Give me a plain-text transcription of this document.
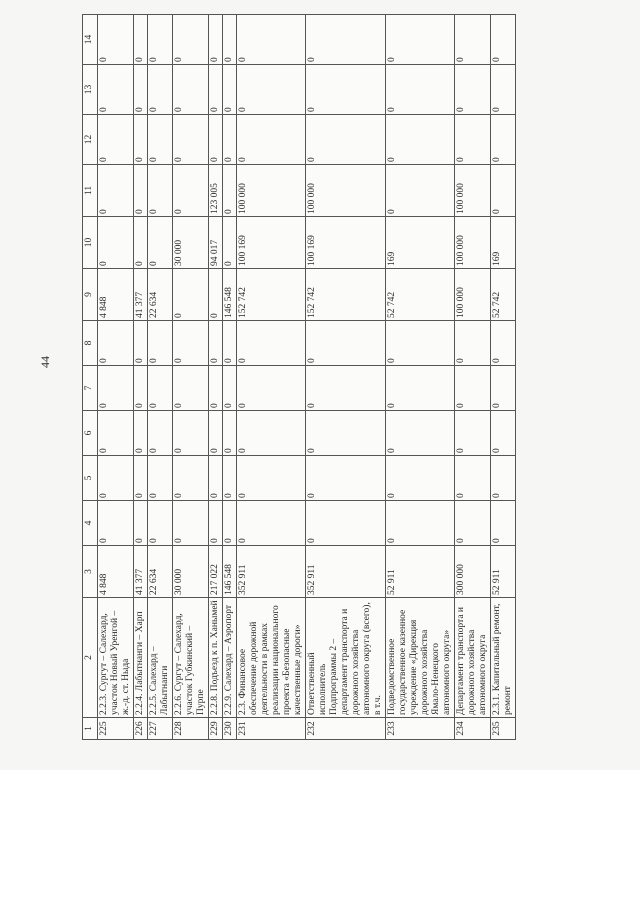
44
1	2	3	4	5	6	7	8	9	10	11	12	13	14
225	2.2.3. Сургут – Салехард, участок Новый Уренгой – ж.-д. ст. Ныда	4 848	0	0	0	0	0	4 848	0	0	0	0	0
226	2.2.4. Лабытнанги – Харп	41 377	0	0	0	0	0	41 377	0	0	0	0	0
227	2.2.5. Салехард – Лабытнанги	22 634	0	0	0	0	0	22 634	0	0	0	0	0
228	2.2.6. Сургут – Салехард, участок Губкинский – Пурпе	30 000	0	0	0	0	0	0	30 000	0	0	0	0
229	2.2.8. Подъезд к п. Ханымей	217 022	0	0	0	0	0	0	94 017	123 005	0	0	0
230	2.2.9. Салехард – Аэропорт	146 548	0	0	0	0	0	146 548	0	0	0	0	0
231	2.3. Финансовое обеспечение дорожной деятельности в рамках реализации национального проекта «Безопасные качественные дороги»	352 911	0	0	0	0	0	152 742	100 169	100 000	0	0	0
232	Ответственный исполнитель Подпрограммы 2 – департамент транспорта и дорожного хозяйства автономного округа (всего), в т.ч.	352 911	0	0	0	0	0	152 742	100 169	100 000	0	0	0
233	Подведомственное государственное казенное учреждение «Дирекция дорожного хозяйства Ямало-Ненецкого автономного округа»	52 911	0	0	0	0	0	52 742	169	0	0	0	0
234	Департамент транспорта и дорожного хозяйства автономного округа	300 000	0	0	0	0	0	100 000	100 000	100 000	0	0	0
235	2.3.1. Капитальный ремонт, ремонт	52 911	0	0	0	0	0	52 742	169	0	0	0	0
